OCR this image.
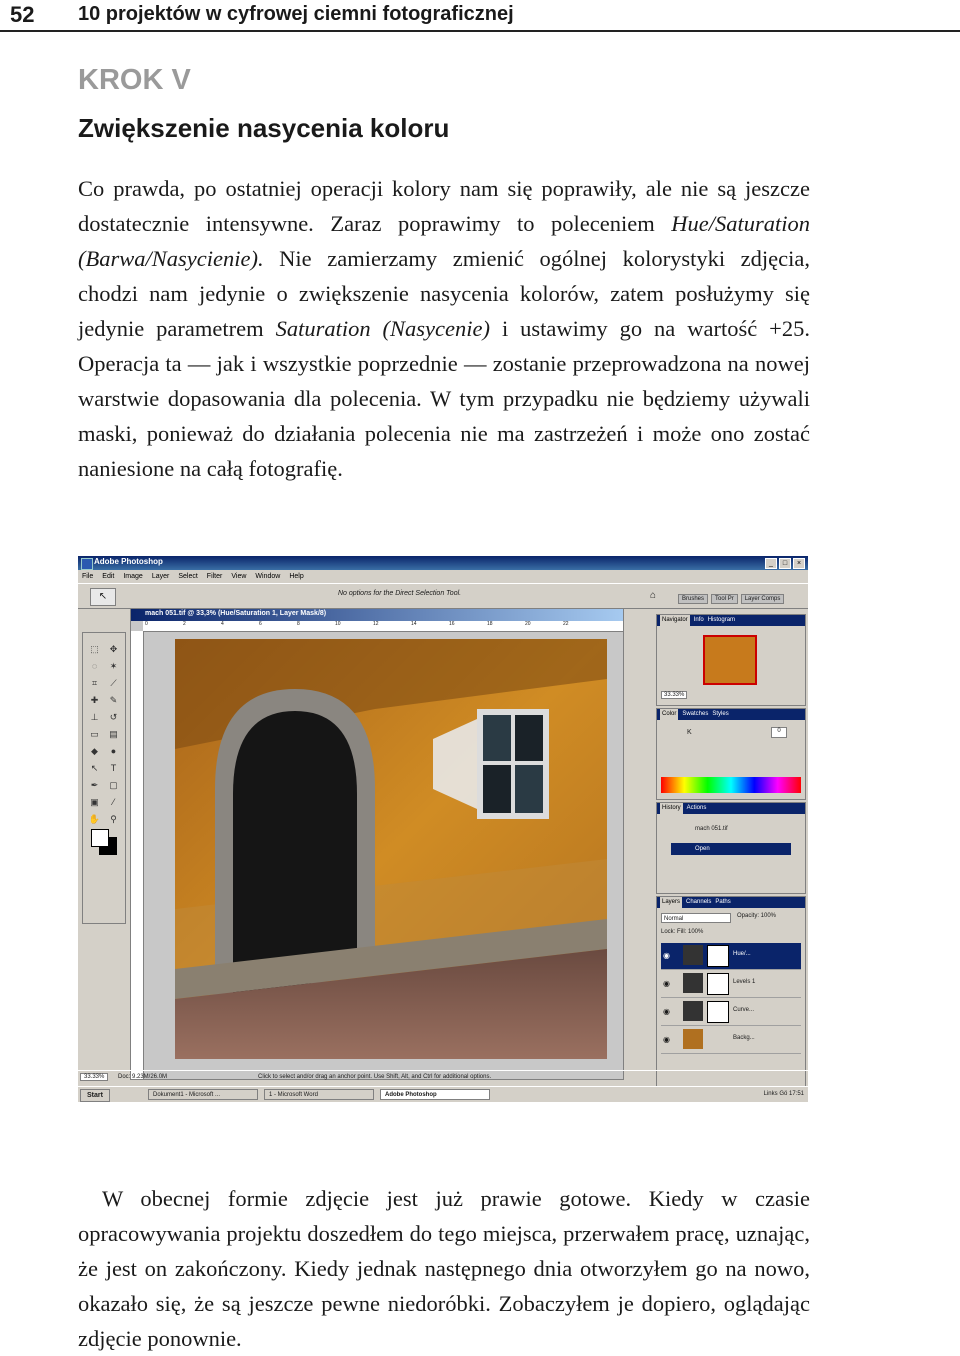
52 10 projektów w cyfrowej ciemni fotograficznej
KROK V
Zwiększenie nasycenia koloru

Co prawda, po ostatniej operacji kolory nam się poprawiły, ale nie są jeszcze dostatecznie intensywne. Zaraz poprawimy to poleceniem Hue/Saturation (Barwa/Nasycienie). Nie zamierzamy zmienić ogólnej kolorystyki zdjęcia, chodzi nam jedynie o zwiększenie nasycenia kolorów, zatem posłużymy się jedynie parametrem Saturation (Nasycenie) i ustawimy go na wartość +25. Operacja ta — jak i wszystkie poprzednie — zostanie przeprowadzona na nowej warstwie dopasowania dla polecenia. W tym przypadku nie będziemy używali maski, ponieważ do działania polecenia nie ma zastrzeżeń i może ono zostać naniesione na całą fotografię.

Adobe Photoshop	_	□	×
File Edit Image Layer Select Filter View Window Help
↖	No options for the Direct Selection Tool.	⌂	Brushes	Tool Pr	Layer Comps
⬚	✥
◌	✶
⌗	⟋
✚	✎
⊥	↺
▭	▤
◆	●
↖	T
✒	▢
▣	⁄
✋	⚲
mach 051.tif @ 33,3% (Hue/Saturation 1, Layer Mask/8)
0	2	4	6	8	10	12	14	16	18	20	22
Navigator	Info Histogram
33.33%
Color	Swatches Styles
K	0
History	Actions
mach 051.tif
Open
Layers	Channels Paths
Normal	Opacity: 100%
Lock: Fill: 100%
◉	Hue/...
◉	Levels 1
◉	Curve...
◉	Backg...
33.33%	Doc: 9.23M/26.0M	Click to select and/or drag an anchor point. Use Shift, Alt, and Ctrl for additional options.
Start	Dokument1 - Microsoft ...	1 - Microsoft Word	Adobe Photoshop	Links Gö 17:51

W obecnej formie zdjęcie jest już prawie gotowe. Kiedy w czasie opracowywania projektu doszedłem do tego miejsca, przerwałem pracę, uznając, że jest on zakończony. Kiedy jednak następnego dnia otworzyłem go na nowo, okazało się, że są jeszcze pewne niedoróbki. Zobaczyłem je dopiero, oglądając zdjęcie ponownie.
